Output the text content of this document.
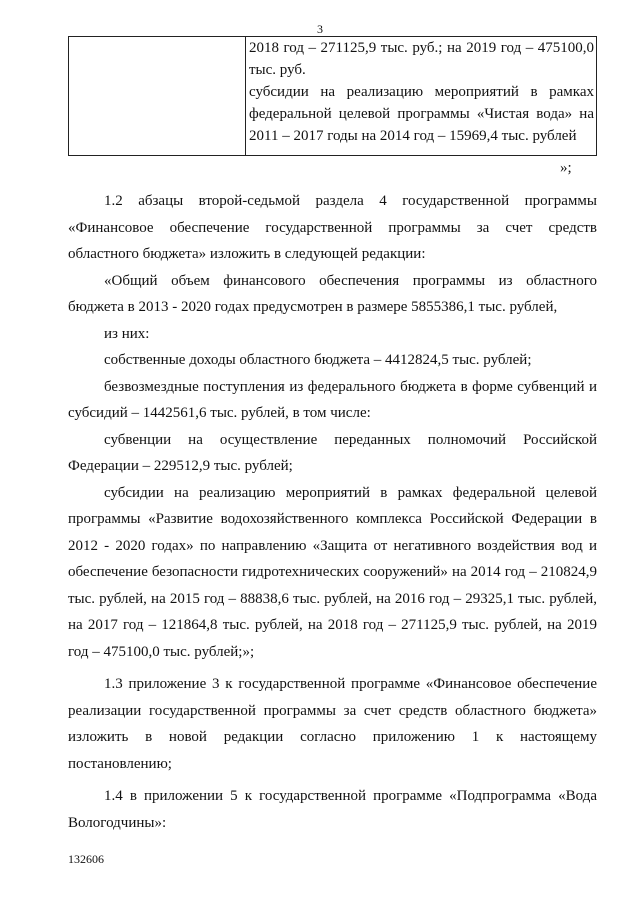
3
2018 год – 271125,9 тыс. руб.; на 2019 год – 475100,0 тыс. руб.
субсидии на реализацию мероприятий в рамках федеральной целевой программы «Чистая вода» на 2011 – 2017 годы на 2014 год – 15969,4 тыс. рублей
»;

1.2 абзацы второй-седьмой раздела 4 государственной программы «Финансовое обеспечение государственной программы за счет средств областного бюджета» изложить в следующей редакции:

«Общий объем финансового обеспечения программы из областного бюджета в 2013 - 2020 годах предусмотрен в размере 5855386,1 тыс. рублей,

из них:

собственные доходы областного бюджета – 4412824,5 тыс. рублей;

безвозмездные поступления из федерального бюджета в форме субвенций и субсидий – 1442561,6 тыс. рублей, в том числе:

субвенции на осуществление переданных полномочий Российской Федерации – 229512,9 тыс. рублей;

субсидии на реализацию мероприятий в рамках федеральной целевой программы «Развитие водохозяйственного комплекса Российской Федерации в 2012 - 2020 годах» по направлению «Защита от негативного воздействия вод и обеспечение безопасности гидротехнических сооружений» на 2014 год – 210824,9 тыс. рублей, на 2015 год – 88838,6 тыс. рублей, на 2016 год – 29325,1 тыс. рублей, на 2017 год – 121864,8 тыс. рублей, на 2018 год – 271125,9 тыс. рублей, на 2019 год – 475100,0 тыс. рублей;»;

1.3 приложение 3 к государственной программе «Финансовое обеспечение реализации государственной программы за счет средств областного бюджета» изложить в новой редакции согласно приложению 1 к настоящему постановлению;

1.4 в приложении 5 к государственной программе «Подпрограмма «Вода Вологодчины»:

132606
